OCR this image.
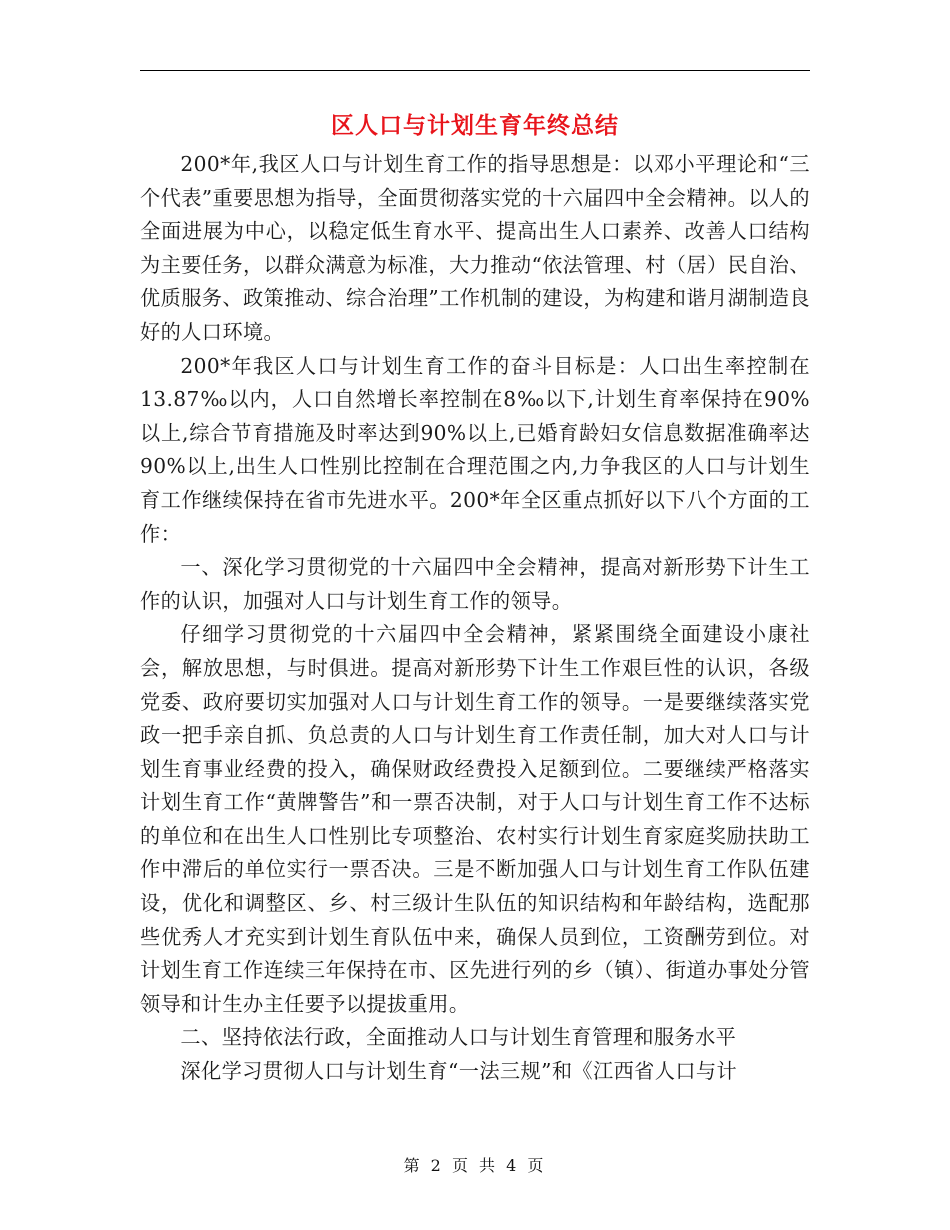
区人口与计划生育年终总结

200*年,我区人口与计划生育工作的指导思想是：以邓小平理论和“三个代表”重要思想为指导，全面贯彻落实党的十六届四中全会精神。以人的全面进展为中心，以稳定低生育水平、提高出生人口素养、改善人口结构为主要任务，以群众满意为标准，大力推动“依法管理、村（居）民自治、优质服务、政策推动、综合治理”工作机制的建设，为构建和谐月湖制造良好的人口环境。

200*年我区人口与计划生育工作的奋斗目标是：人口出生率控制在13.87‰以内，人口自然增长率控制在8‰以下,计划生育率保持在90%以上,综合节育措施及时率达到90%以上,已婚育龄妇女信息数据准确率达90%以上,出生人口性别比控制在合理范围之内,力争我区的人口与计划生育工作继续保持在省市先进水平。200*年全区重点抓好以下八个方面的工作：

一、深化学习贯彻党的十六届四中全会精神，提高对新形势下计生工作的认识，加强对人口与计划生育工作的领导。

仔细学习贯彻党的十六届四中全会精神，紧紧围绕全面建设小康社会，解放思想，与时俱进。提高对新形势下计生工作艰巨性的认识，各级党委、政府要切实加强对人口与计划生育工作的领导。一是要继续落实党政一把手亲自抓、负总责的人口与计划生育工作责任制，加大对人口与计划生育事业经费的投入，确保财政经费投入足额到位。二要继续严格落实计划生育工作“黄牌警告”和一票否决制，对于人口与计划生育工作不达标的单位和在出生人口性别比专项整治、农村实行计划生育家庭奖励扶助工作中滞后的单位实行一票否决。三是不断加强人口与计划生育工作队伍建设，优化和调整区、乡、村三级计生队伍的知识结构和年龄结构，选配那些优秀人才充实到计划生育队伍中来，确保人员到位，工资酬劳到位。对计划生育工作连续三年保持在市、区先进行列的乡（镇）、街道办事处分管领导和计生办主任要予以提拔重用。

二、坚持依法行政，全面推动人口与计划生育管理和服务水平

深化学习贯彻人口与计划生育“一法三规”和《江西省人口与计

第 2 页 共 4 页
